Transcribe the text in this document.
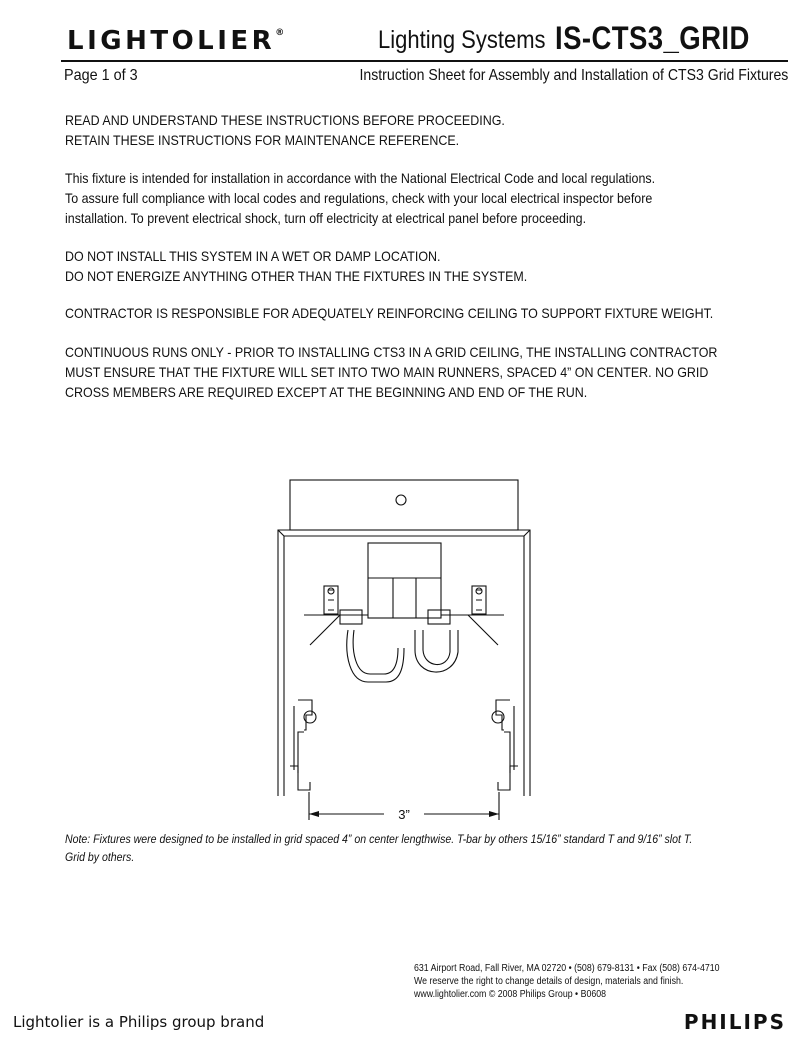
LIGHTOLIER®	Lighting Systems IS-CTS3_GRID
Page 1 of 3	Instruction Sheet for Assembly and Installation of CTS3 Grid Fixtures
READ AND UNDERSTAND THESE INSTRUCTIONS BEFORE PROCEEDING.
RETAIN THESE INSTRUCTIONS FOR MAINTENANCE REFERENCE.
This fixture is intended for installation in accordance with the National Electrical Code and local regulations.
To assure full compliance with local codes and regulations, check with your local electrical inspector before
installation. To prevent electrical shock, turn off electricity at electrical panel before proceeding.
DO NOT INSTALL THIS SYSTEM IN A WET OR DAMP LOCATION.
DO NOT ENERGIZE ANYTHING OTHER THAN THE FIXTURES IN THE SYSTEM.
CONTRACTOR IS RESPONSIBLE FOR ADEQUATELY REINFORCING CEILING TO SUPPORT FIXTURE WEIGHT.
CONTINUOUS RUNS ONLY - PRIOR TO INSTALLING CTS3 IN A GRID CEILING, THE INSTALLING CONTRACTOR
MUST ENSURE THAT THE FIXTURE WILL SET INTO TWO MAIN RUNNERS, SPACED 4” ON CENTER. NO GRID
CROSS MEMBERS ARE REQUIRED EXCEPT AT THE BEGINNING AND END OF THE RUN.
3”
Note: Fixtures were designed to be installed in grid spaced 4” on center lengthwise. T-bar by others 15/16” standard T and 9/16” slot T.
Grid by others.
631 Airport Road, Fall River, MA 02720 • (508) 679-8131 • Fax (508) 674-4710
We reserve the right to change details of design, materials and finish.
www.lightolier.com © 2008 Philips Group • B0608
Lightolier is a Philips group brand	PHILIPS
